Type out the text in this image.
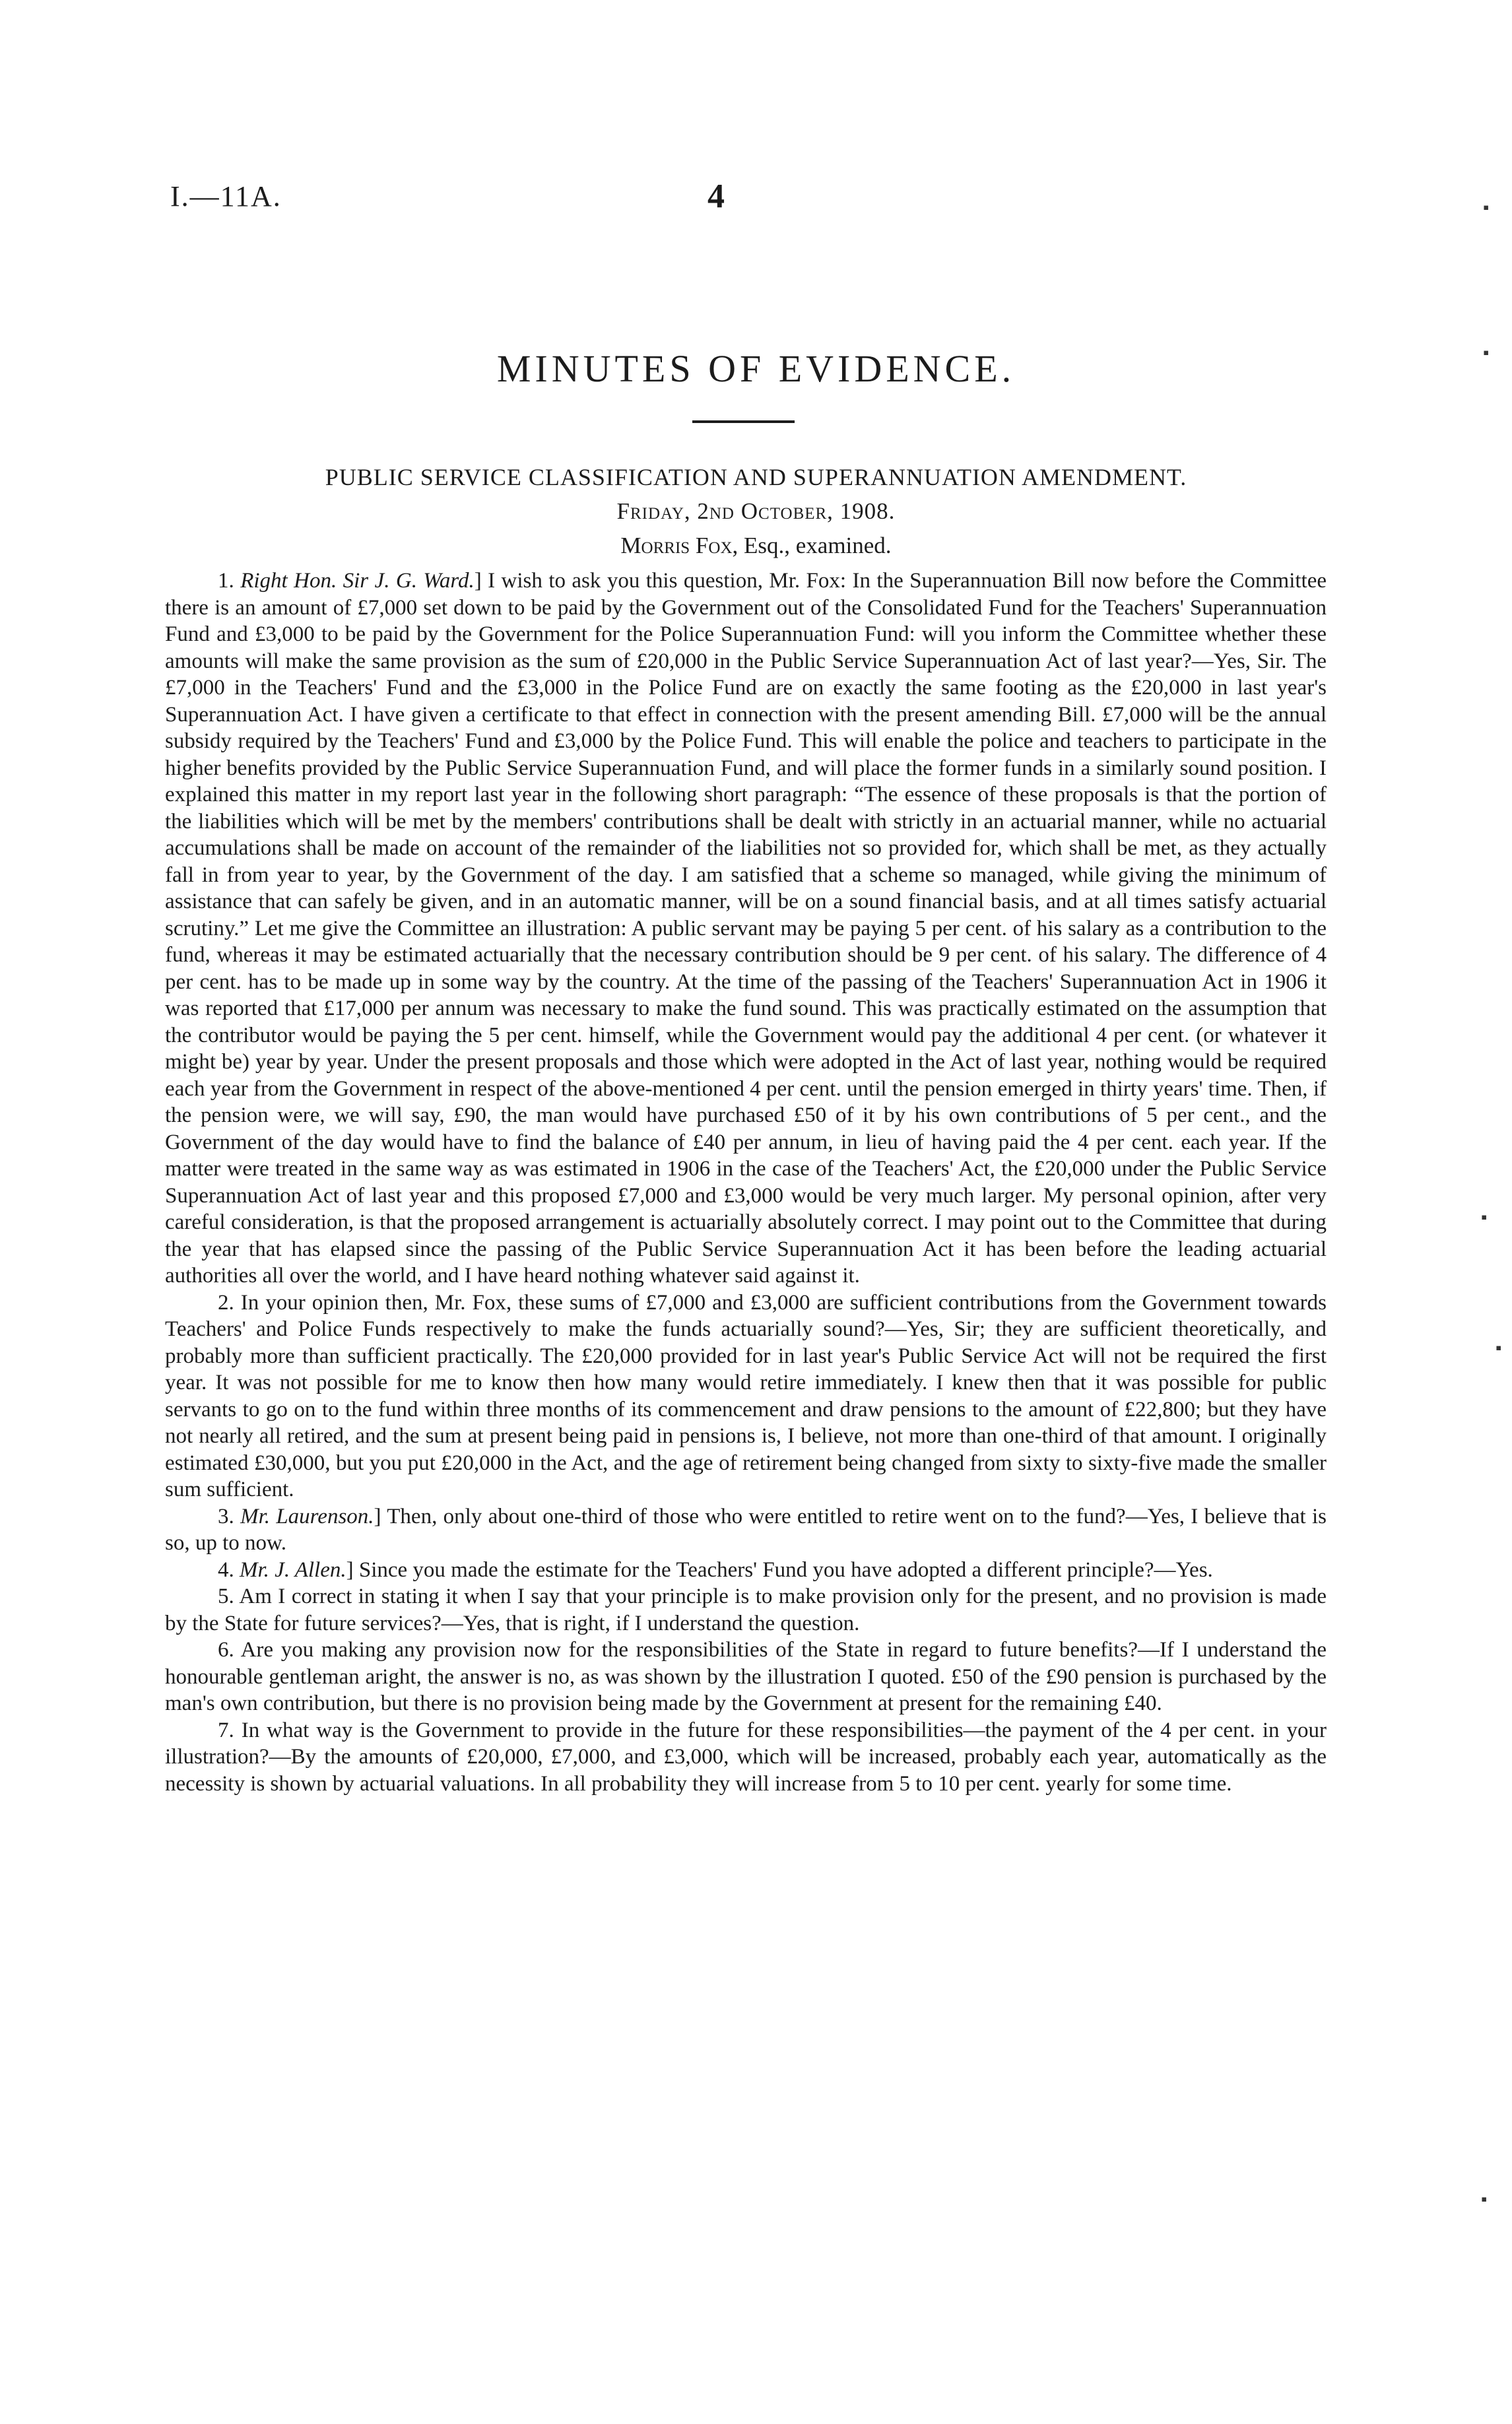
I.—11A.	4
MINUTES OF EVIDENCE.
PUBLIC SERVICE CLASSIFICATION AND SUPERANNUATION AMENDMENT.
Friday, 2nd October, 1908.
Morris Fox, Esq., examined.

1. Right Hon. Sir J. G. Ward.] I wish to ask you this question, Mr. Fox: In the Superannuation Bill now before the Committee there is an amount of £7,000 set down to be paid by the Government out of the Consolidated Fund for the Teachers' Superannuation Fund and £3,000 to be paid by the Government for the Police Superannuation Fund: will you inform the Committee whether these amounts will make the same provision as the sum of £20,000 in the Public Service Superannuation Act of last year?—Yes, Sir. The £7,000 in the Teachers' Fund and the £3,000 in the Police Fund are on exactly the same footing as the £20,000 in last year's Superannuation Act. I have given a certificate to that effect in connection with the present amending Bill. £7,000 will be the annual subsidy required by the Teachers' Fund and £3,000 by the Police Fund. This will enable the police and teachers to participate in the higher benefits provided by the Public Service Superannuation Fund, and will place the former funds in a similarly sound position. I explained this matter in my report last year in the following short paragraph: “The essence of these proposals is that the portion of the liabilities which will be met by the members' contributions shall be dealt with strictly in an actuarial manner, while no actuarial accumulations shall be made on account of the remainder of the liabilities not so provided for, which shall be met, as they actually fall in from year to year, by the Government of the day. I am satisfied that a scheme so managed, while giving the minimum of assistance that can safely be given, and in an automatic manner, will be on a sound financial basis, and at all times satisfy actuarial scrutiny.” Let me give the Committee an illustration: A public servant may be paying 5 per cent. of his salary as a contribution to the fund, whereas it may be estimated actuarially that the necessary contribution should be 9 per cent. of his salary. The difference of 4 per cent. has to be made up in some way by the country. At the time of the passing of the Teachers' Superannuation Act in 1906 it was reported that £17,000 per annum was necessary to make the fund sound. This was practically estimated on the assumption that the contributor would be paying the 5 per cent. himself, while the Government would pay the additional 4 per cent. (or whatever it might be) year by year. Under the present proposals and those which were adopted in the Act of last year, nothing would be required each year from the Government in respect of the above-mentioned 4 per cent. until the pension emerged in thirty years' time. Then, if the pension were, we will say, £90, the man would have purchased £50 of it by his own contributions of 5 per cent., and the Government of the day would have to find the balance of £40 per annum, in lieu of having paid the 4 per cent. each year. If the matter were treated in the same way as was estimated in 1906 in the case of the Teachers' Act, the £20,000 under the Public Service Superannuation Act of last year and this proposed £7,000 and £3,000 would be very much larger. My personal opinion, after very careful consideration, is that the proposed arrangement is actuarially absolutely correct. I may point out to the Committee that during the year that has elapsed since the passing of the Public Service Superannuation Act it has been before the leading actuarial authorities all over the world, and I have heard nothing whatever said against it.

2. In your opinion then, Mr. Fox, these sums of £7,000 and £3,000 are sufficient contributions from the Government towards Teachers' and Police Funds respectively to make the funds actuarially sound?—Yes, Sir; they are sufficient theoretically, and probably more than sufficient practically. The £20,000 provided for in last year's Public Service Act will not be required the first year. It was not possible for me to know then how many would retire immediately. I knew then that it was possible for public servants to go on to the fund within three months of its commencement and draw pensions to the amount of £22,800; but they have not nearly all retired, and the sum at present being paid in pensions is, I believe, not more than one-third of that amount. I originally estimated £30,000, but you put £20,000 in the Act, and the age of retirement being changed from sixty to sixty-five made the smaller sum sufficient.

3. Mr. Laurenson.] Then, only about one-third of those who were entitled to retire went on to the fund?—Yes, I believe that is so, up to now.

4. Mr. J. Allen.] Since you made the estimate for the Teachers' Fund you have adopted a different principle?—Yes.

5. Am I correct in stating it when I say that your principle is to make provision only for the present, and no provision is made by the State for future services?—Yes, that is right, if I understand the question.

6. Are you making any provision now for the responsibilities of the State in regard to future benefits?—If I understand the honourable gentleman aright, the answer is no, as was shown by the illustration I quoted. £50 of the £90 pension is purchased by the man's own contribution, but there is no provision being made by the Government at present for the remaining £40.

7. In what way is the Government to provide in the future for these responsibilities—the payment of the 4 per cent. in your illustration?—By the amounts of £20,000, £7,000, and £3,000, which will be increased, probably each year, automatically as the necessity is shown by actuarial valuations. In all probability they will increase from 5 to 10 per cent. yearly for some time.

▪
▪
▪
▪
▪
